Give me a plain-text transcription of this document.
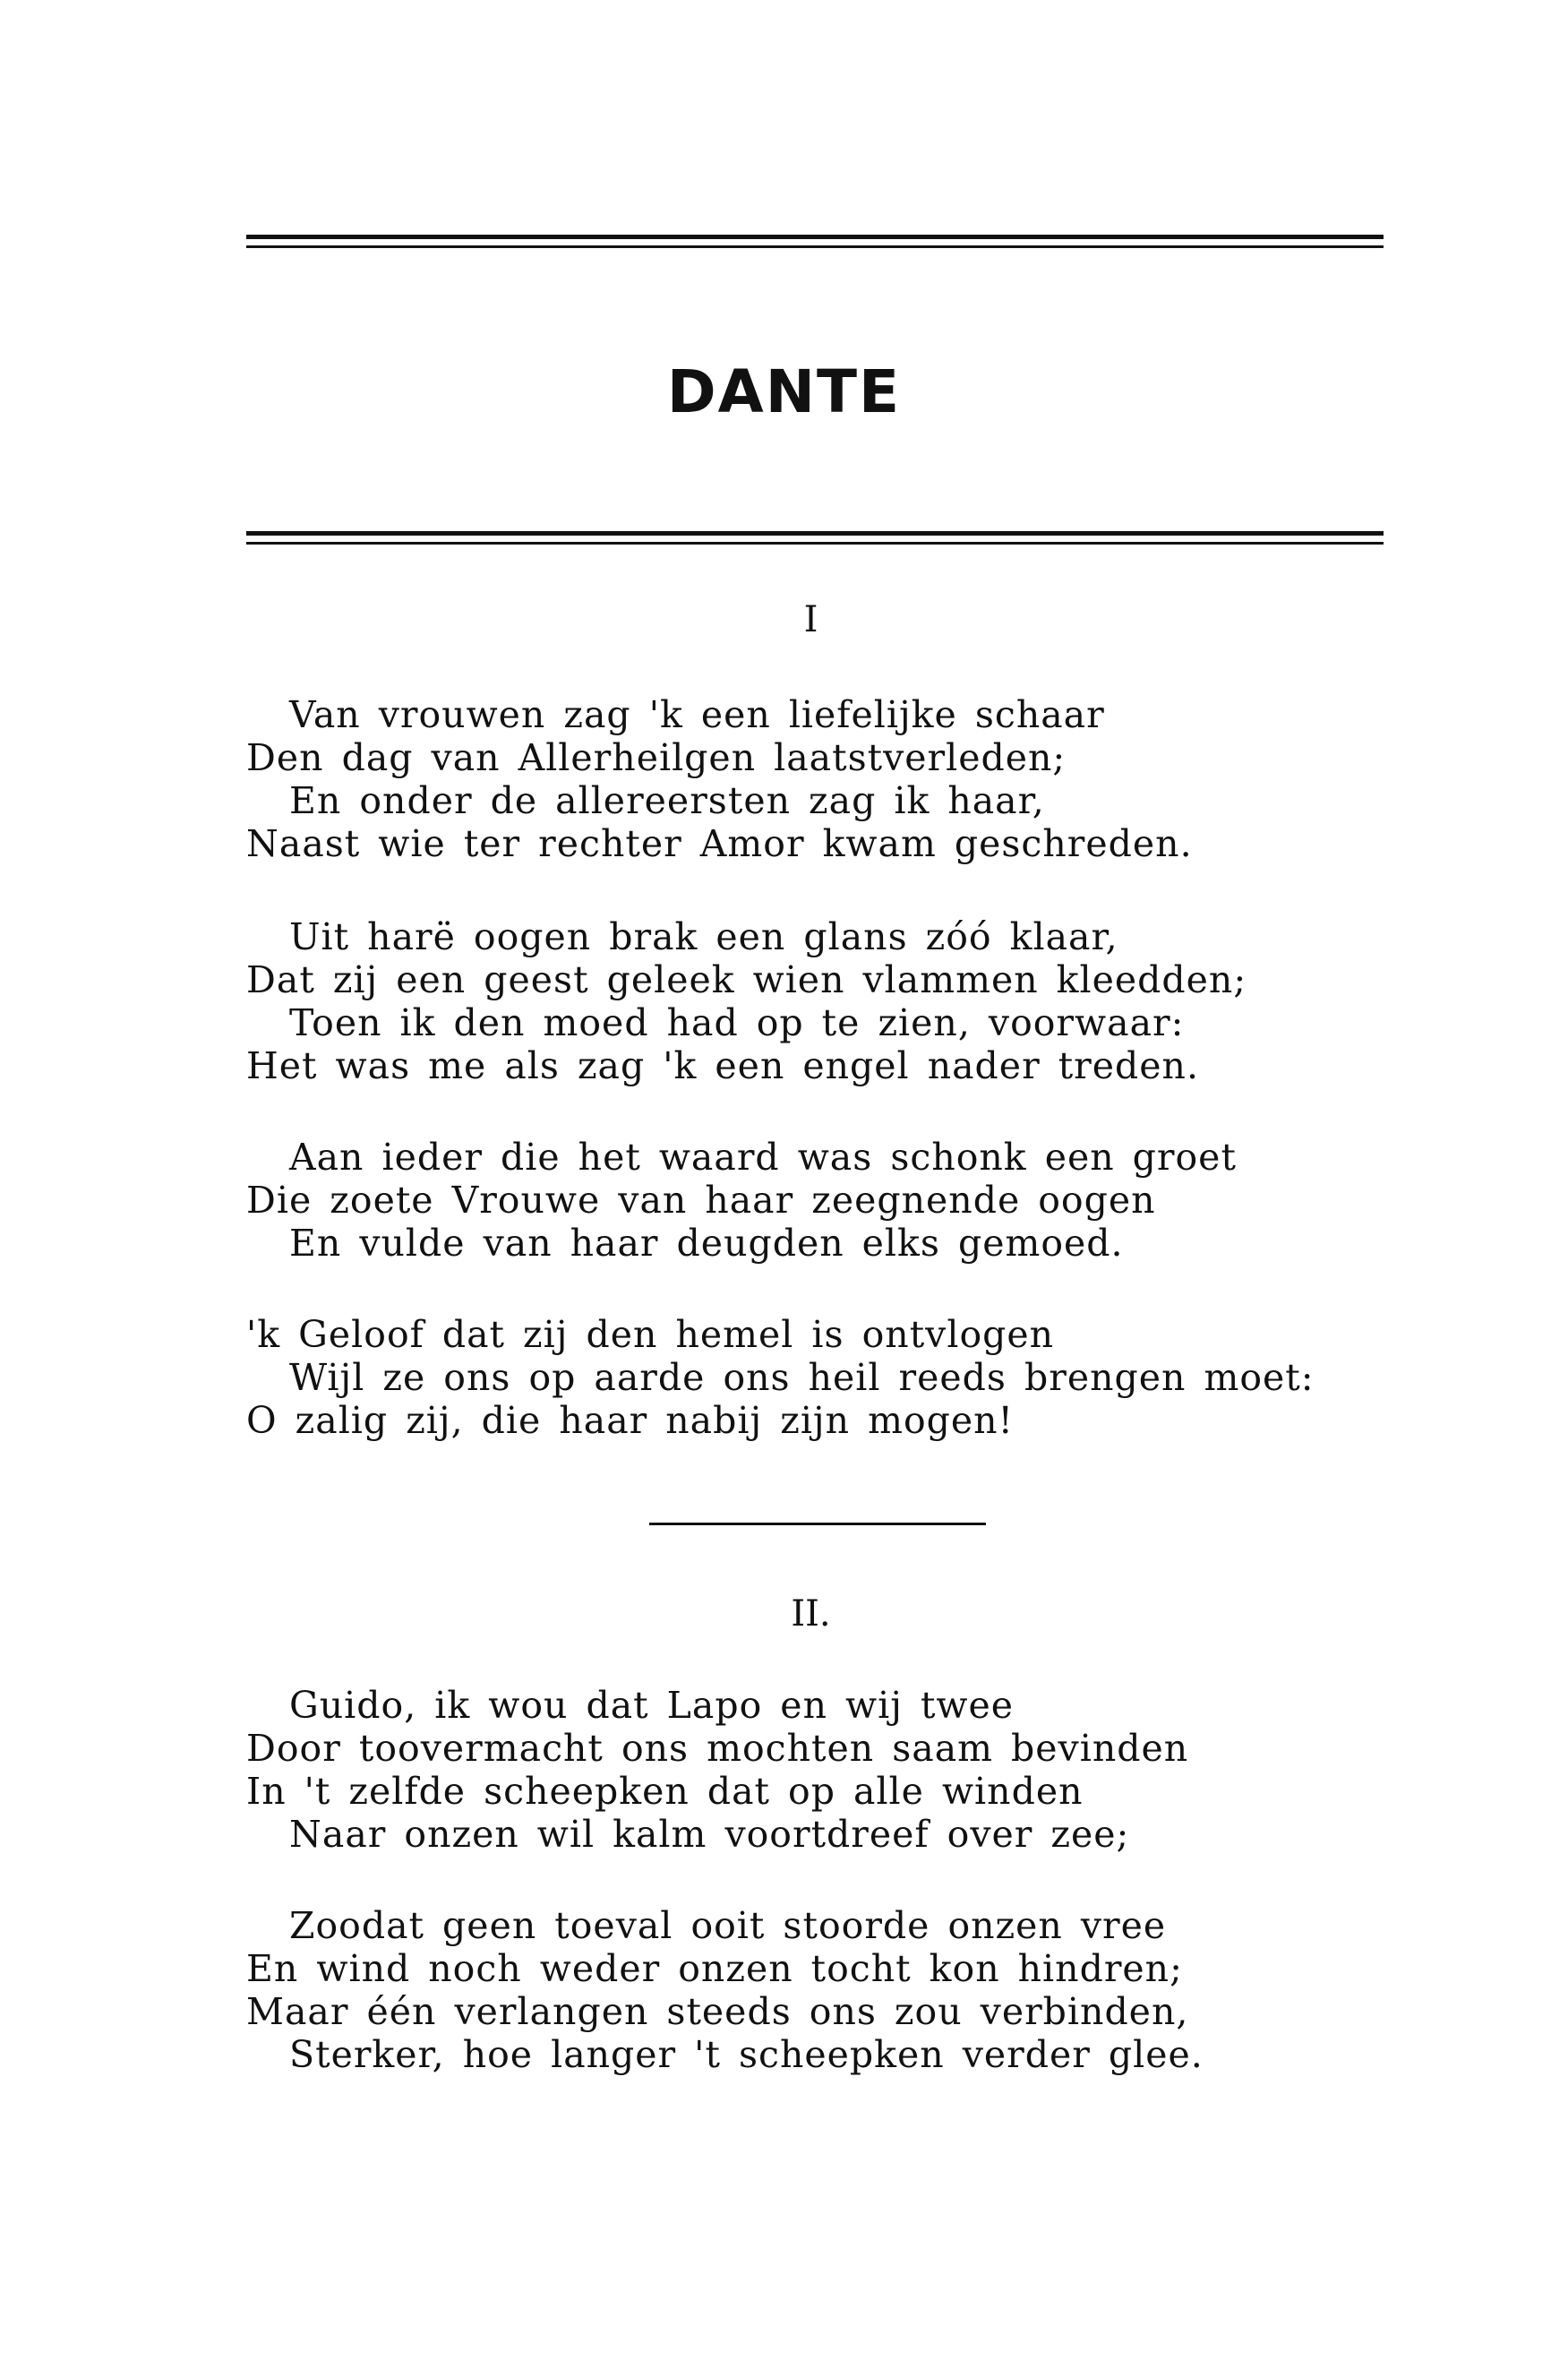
DANTE
I
Van vrouwen zag 'k een liefelijke schaar
Den dag van Allerheilgen laatstverleden;
En onder de allereersten zag ik haar,
Naast wie ter rechter Amor kwam geschreden.
Uit harë oogen brak een glans zóó klaar,
Dat zij een geest geleek wien vlammen kleedden;
Toen ik den moed had op te zien, voorwaar:
Het was me als zag 'k een engel nader treden.
Aan ieder die het waard was schonk een groet
Die zoete Vrouwe van haar zeegnende oogen
En vulde van haar deugden elks gemoed.
'k Geloof dat zij den hemel is ontvlogen
Wijl ze ons op aarde ons heil reeds brengen moet:
O zalig zij, die haar nabij zijn mogen!
II.
Guido, ik wou dat Lapo en wij twee
Door toovermacht ons mochten saam bevinden
In 't zelfde scheepken dat op alle winden
Naar onzen wil kalm voortdreef over zee;
Zoodat geen toeval ooit stoorde onzen vree
En wind noch weder onzen tocht kon hindren;
Maar één verlangen steeds ons zou verbinden,
Sterker, hoe langer 't scheepken verder glee.
